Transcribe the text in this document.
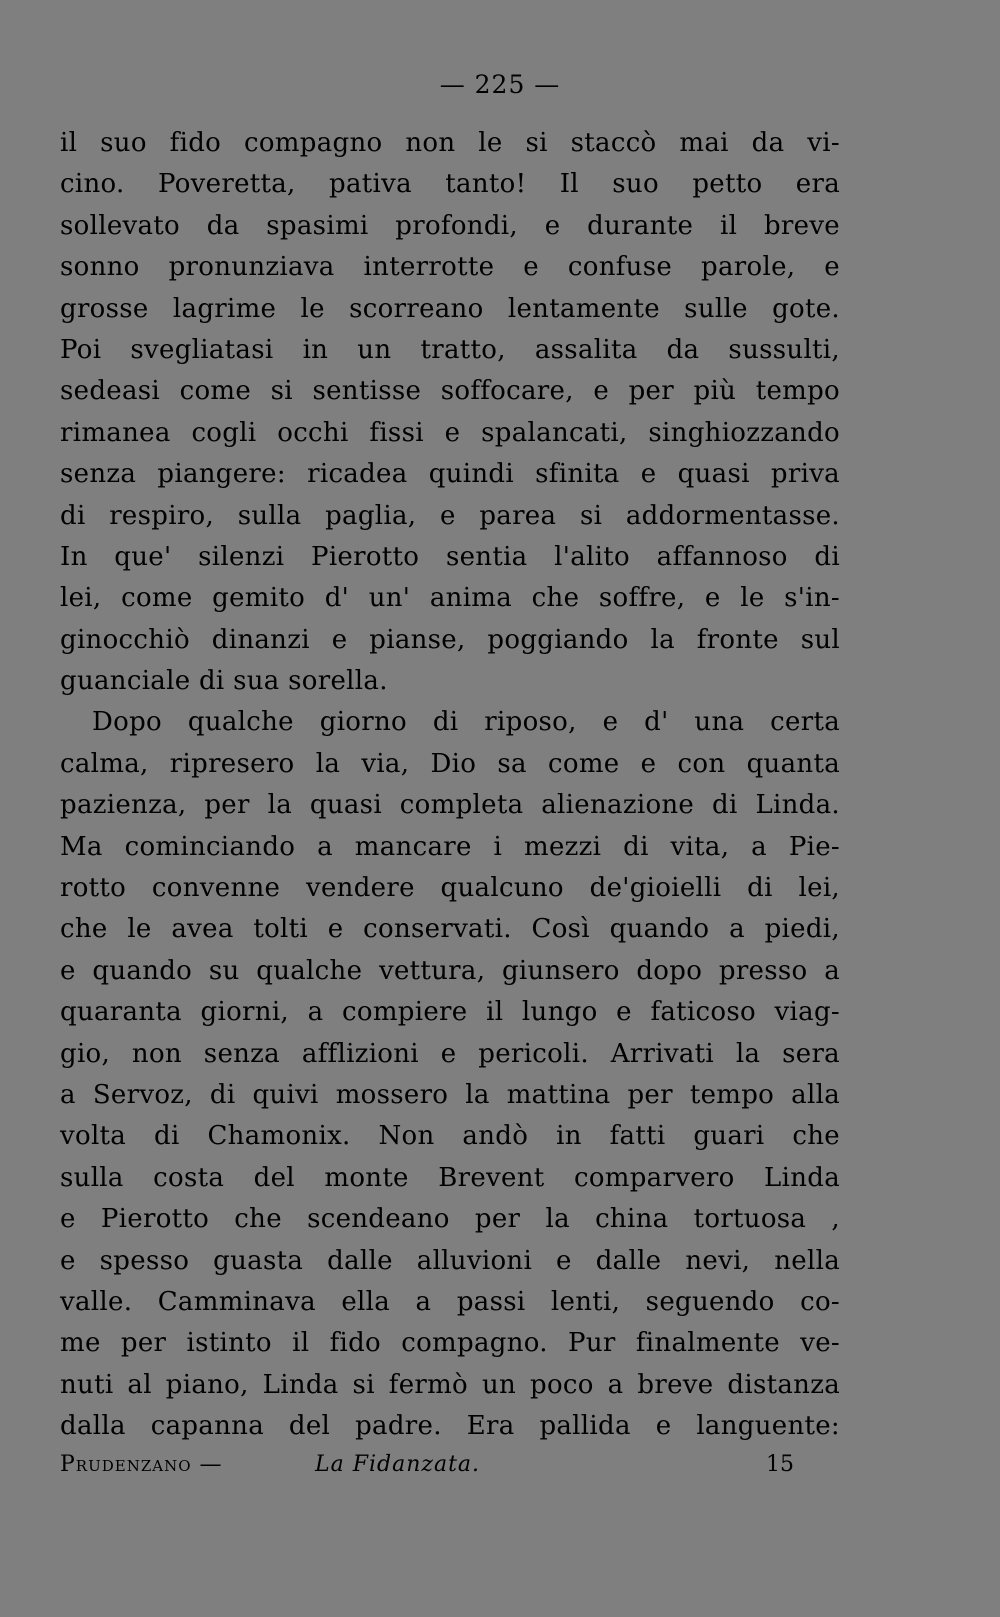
— 225 —
il suo fido compagno non le si staccò mai da vi-
cino. Poveretta, pativa tanto! Il suo petto era
sollevato da spasimi profondi, e durante il breve
sonno pronunziava interrotte e confuse parole, e
grosse lagrime le scorreano lentamente sulle gote.
Poi svegliatasi in un tratto, assalita da sussulti,
sedeasi come si sentisse soffocare, e per più tempo
rimanea cogli occhi fissi e spalancati, singhiozzando
senza piangere: ricadea quindi sfinita e quasi priva
di respiro, sulla paglia, e parea si addormentasse.
In que' silenzi Pierotto sentia l'alito affannoso di
lei, come gemito d' un' anima che soffre, e le s'in-
ginocchiò dinanzi e pianse, poggiando la fronte sul
guanciale di sua sorella.
Dopo qualche giorno di riposo, e d' una certa
calma, ripresero la via, Dio sa come e con quanta
pazienza, per la quasi completa alienazione di Linda.
Ma cominciando a mancare i mezzi di vita, a Pie-
rotto convenne vendere qualcuno de'gioielli di lei,
che le avea tolti e conservati. Così quando a piedi,
e quando su qualche vettura, giunsero dopo presso a
quaranta giorni, a compiere il lungo e faticoso viag-
gio, non senza afflizioni e pericoli. Arrivati la sera
a Servoz, di quivi mossero la mattina per tempo alla
volta di Chamonix. Non andò in fatti guari che
sulla costa del monte Brevent comparvero Linda
e Pierotto che scendeano per la china tortuosa ,
e spesso guasta dalle alluvioni e dalle nevi, nella
valle. Camminava ella a passi lenti, seguendo co-
me per istinto il fido compagno. Pur finalmente ve-
nuti al piano, Linda si fermò un poco a breve distanza
dalla capanna del padre. Era pallida e languente:
Prudenzano —	La Fidanzata.	15
